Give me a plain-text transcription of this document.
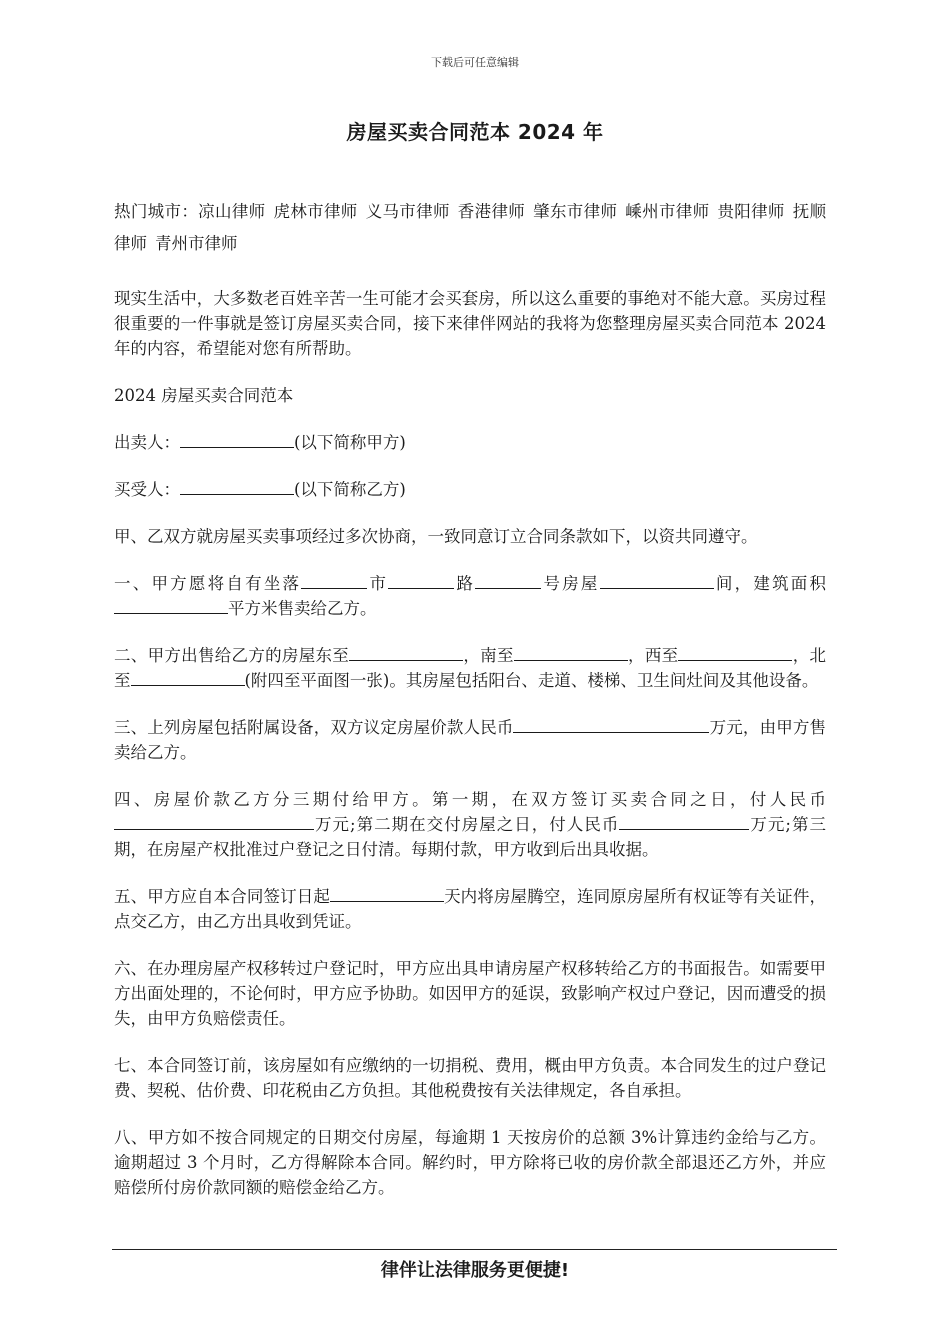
下载后可任意编辑
房屋买卖合同范本 2024 年

热门城市：凉山律师 虎林市律师 义马市律师 香港律师 肇东市律师 嵊州市律师 贵阳律师 抚顺律师 青州市律师

现实生活中，大多数老百姓辛苦一生可能才会买套房，所以这么重要的事绝对不能大意。买房过程很重要的一件事就是签订房屋买卖合同，接下来律伴网站的我将为您整理房屋买卖合同范本 2024 年的内容，希望能对您有所帮助。

2024 房屋买卖合同范本

出卖人：	(以下简称甲方)

买受人：	(以下简称乙方)

甲、乙双方就房屋买卖事项经过多次协商，一致同意订立合同条款如下，以资共同遵守。

一、甲方愿将自有坐落	市	路	号房屋	间，建筑面积平方米售卖给乙方。

二、甲方出售给乙方的房屋东至	，南至	，西至	，北至	(附四至平面图一张)。其房屋包括阳台、走道、楼梯、卫生间灶间及其他设备。

三、上列房屋包括附属设备，双方议定房屋价款人民币	万元，由甲方售卖给乙方。

四、房屋价款乙方分三期付给甲方。第一期，在双方签订买卖合同之日，付人民币万元;第二期在交付房屋之日，付人民币	万元;第三期，在房屋产权批准过户登记之日付清。每期付款，甲方收到后出具收据。

五、甲方应自本合同签订日起	天内将房屋腾空，连同原房屋所有权证等有关证件，点交乙方，由乙方出具收到凭证。

六、在办理房屋产权移转过户登记时，甲方应出具申请房屋产权移转给乙方的书面报告。如需要甲方出面处理的，不论何时，甲方应予协助。如因甲方的延误，致影响产权过户登记，因而遭受的损失，由甲方负赔偿责任。

七、本合同签订前，该房屋如有应缴纳的一切捐税、费用，概由甲方负责。本合同发生的过户登记费、契税、估价费、印花税由乙方负担。其他税费按有关法律规定，各自承担。

八、甲方如不按合同规定的日期交付房屋，每逾期 1 天按房价的总额 3%计算违约金给与乙方。逾期超过 3 个月时，乙方得解除本合同。解约时，甲方除将已收的房价款全部退还乙方外，并应赔偿所付房价款同额的赔偿金给乙方。

律伴让法律服务更便捷!
